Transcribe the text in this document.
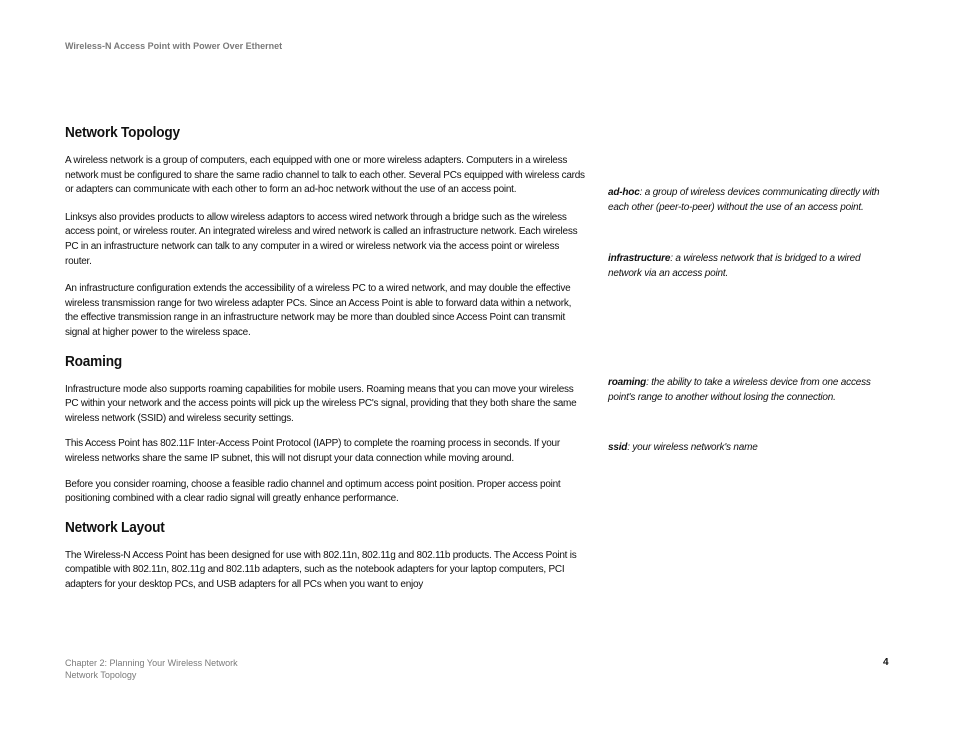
Wireless-N Access Point with Power Over Ethernet
Network Topology

A wireless network is a group of computers, each equipped with one or more wireless adapters. Computers in a wireless network must be configured to share the same radio channel to talk to each other. Several PCs equipped with wireless cards or adapters can communicate with each other to form an ad-hoc network without the use of an access point.

Linksys also provides products to allow wireless adaptors to access wired network through a bridge such as the wireless access point, or wireless router. An integrated wireless and wired network is called an infrastructure network. Each wireless PC in an infrastructure network can talk to any computer in a wired or wireless network via the access point or wireless router.

An infrastructure configuration extends the accessibility of a wireless PC to a wired network, and may double the effective wireless transmission range for two wireless adapter PCs. Since an Access Point is able to forward data within a network, the effective transmission range in an infrastructure network may be more than doubled since Access Point can transmit signal at higher power to the wireless space.

Roaming

Infrastructure mode also supports roaming capabilities for mobile users. Roaming means that you can move your wireless PC within your network and the access points will pick up the wireless PC's signal, providing that they both share the same wireless network (SSID) and wireless security settings.

This Access Point has 802.11F Inter-Access Point Protocol (IAPP) to complete the roaming process in seconds. If your wireless networks share the same IP subnet, this will not disrupt your data connection while moving around.

Before you consider roaming, choose a feasible radio channel and optimum access point position. Proper access point positioning combined with a clear radio signal will greatly enhance performance.

Network Layout

The Wireless-N Access Point has been designed for use with 802.11n, 802.11g and 802.11b products. The Access Point is compatible with 802.11n, 802.11g and 802.11b adapters, such as the notebook adapters for your laptop computers, PCI adapters for your desktop PCs, and USB adapters for all PCs when you want to enjoy

ad-hoc: a group of wireless devices communicating directly with each other (peer-to-peer) without the use of an access point.
infrastructure: a wireless network that is bridged to a wired network via an access point.
roaming: the ability to take a wireless device from one access point's range to another without losing the connection.
ssid: your wireless network's name
Chapter 2: Planning Your Wireless Network
Network Topology
4
